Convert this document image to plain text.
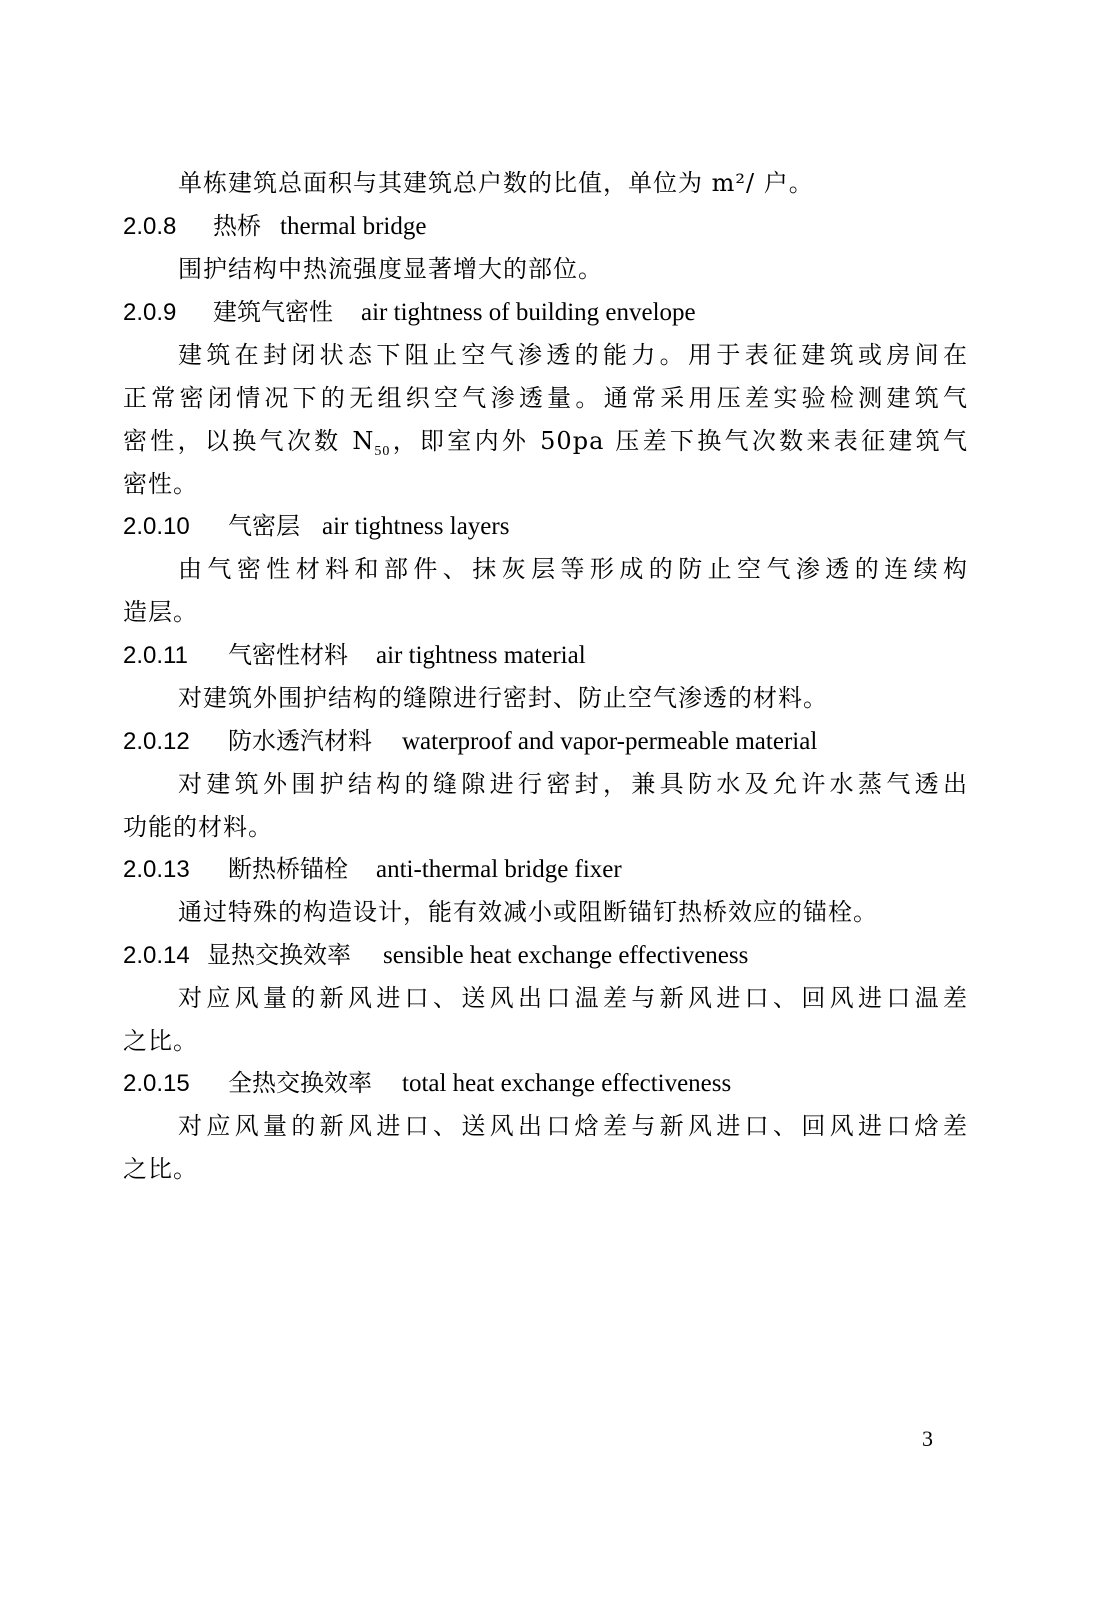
单栋建筑总面积与其建筑总户数的比值，单位为 m²/ 户。
2.0.8 热桥 thermal bridge
围护结构中热流强度显著增大的部位。
2.0.9 建筑气密性 air tightness of building envelope
建筑在封闭状态下阻止空气渗透的能力。用于表征建筑或房间在
正常密闭情况下的无组织空气渗透量。通常采用压差实验检测建筑气
密性，以换气次数 $N_{50}$，即室内外 50pa 压差下换气次数来表征建筑气
密性。
2.0.10 气密层 air tightness layers
由气密性材料和部件、抹灰层等形成的防止空气渗透的连续构
造层。
2.0.11 气密性材料 air tightness material
对建筑外围护结构的缝隙进行密封、防止空气渗透的材料。
2.0.12 防水透汽材料 waterproof and vapor-permeable material
对建筑外围护结构的缝隙进行密封，兼具防水及允许水蒸气透出
功能的材料。
2.0.13 断热桥锚栓 anti-thermal bridge fixer
通过特殊的构造设计，能有效减小或阻断锚钉热桥效应的锚栓。
2.0.14 显热交换效率 sensible heat exchange effectiveness
对应风量的新风进口、送风出口温差与新风进口、回风进口温差
之比。
2.0.15 全热交换效率 total heat exchange effectiveness
对应风量的新风进口、送风出口焓差与新风进口、回风进口焓差
之比。
3
